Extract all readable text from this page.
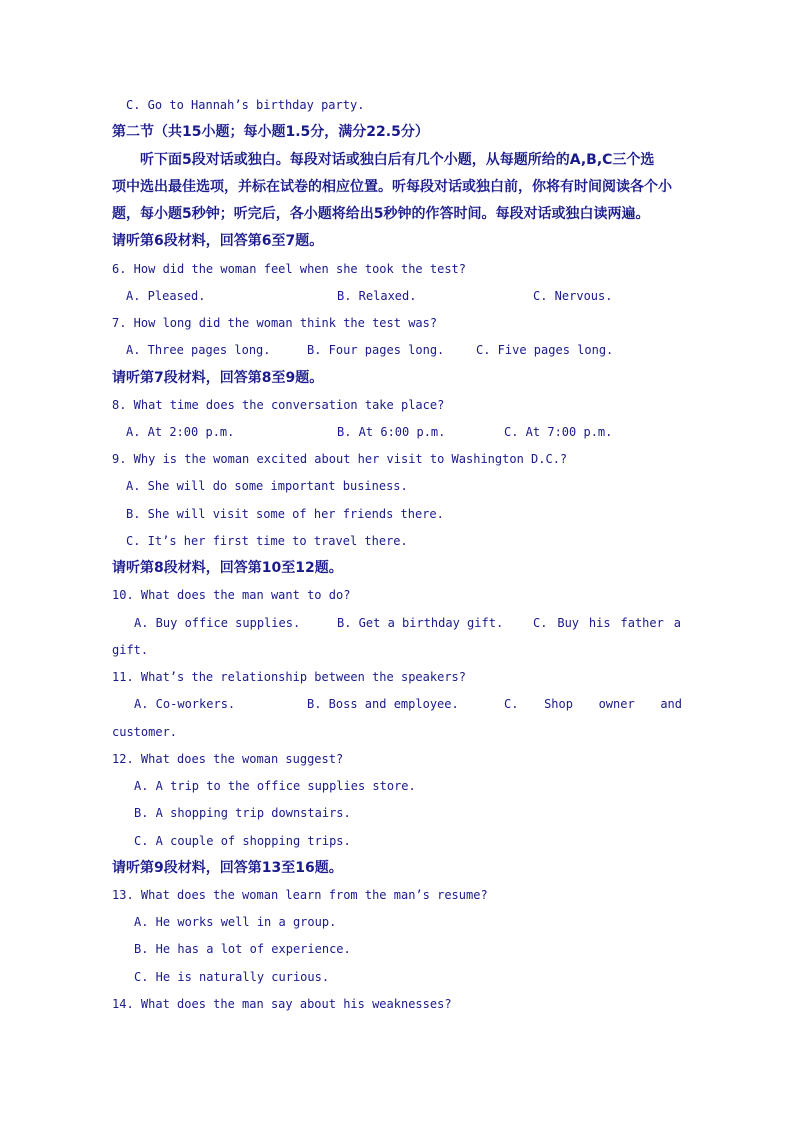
C. Go to Hannah’s birthday party.
第二节（共15小题；每小题1.5分，满分22.5分）
听下面5段对话或独白。每段对话或独白后有几个小题，从每题所给的A,B,C三个选
项中选出最佳选项，并标在试卷的相应位置。听每段对话或独白前，你将有时间阅读各个小
题，每小题5秒钟；听完后，各小题将给出5秒钟的作答时间。每段对话或独白读两遍。
请听第6段材料，回答第6至7题。
6. How did the woman feel when she took the test?
A. Pleased.	B. Relaxed.	C. Nervous.
7. How long did the woman think the test was?
A. Three pages long.	B. Four pages long.	C. Five pages long.
请听第7段材料，回答第8至9题。
8. What time does the conversation take place?
A. At 2:00 p.m.	B. At 6:00 p.m.	C. At 7:00 p.m.
9. Why is the woman excited about her visit to Washington D.C.?
A. She will do some important business.
B. She will visit some of her friends there.
C. It’s her first time to travel there.
请听第8段材料，回答第10至12题。
10. What does the man want to do?
A. Buy office supplies.	B. Get a birthday gift. C. Buy his father a
gift.
11. What’s the relationship between the speakers?
A. Co-workers.	B. Boss and employee.	C. Shop owner and
customer.
12. What does the woman suggest?
A. A trip to the office supplies store.
B. A shopping trip downstairs.
C. A couple of shopping trips.
请听第9段材料，回答第13至16题。
13. What does the woman learn from the man’s resume?
A. He works well in a group.
B. He has a lot of experience.
C. He is naturally curious.
14. What does the man say about his weaknesses?
